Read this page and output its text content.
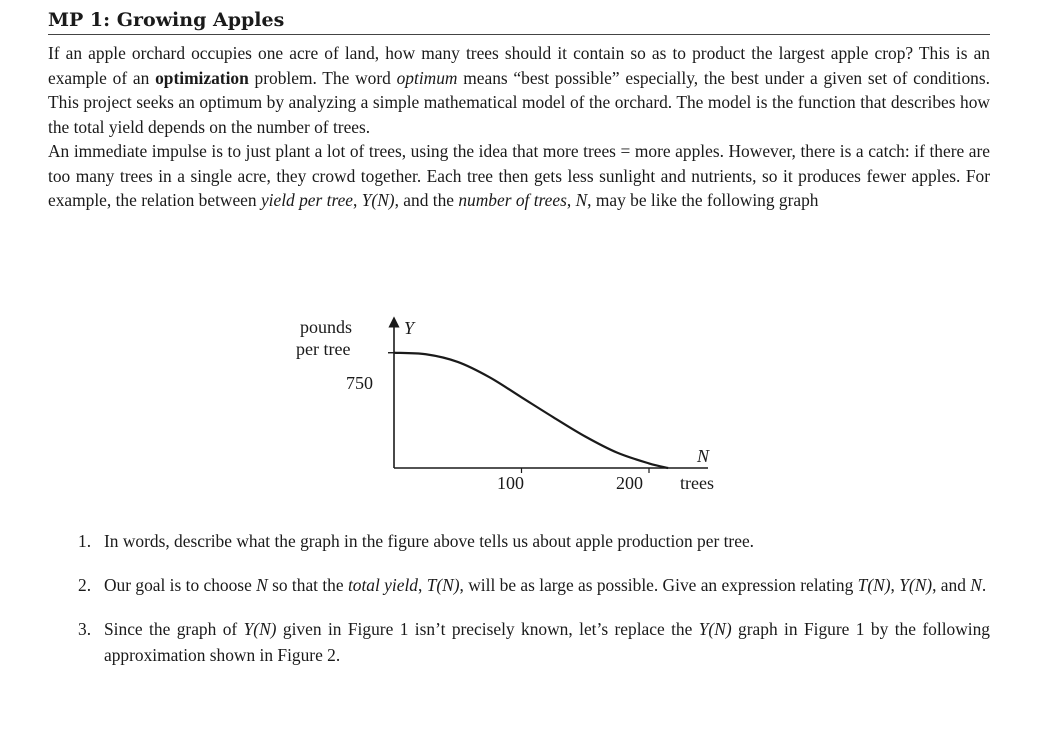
MP 1: Growing Apples

If an apple orchard occupies one acre of land, how many trees should it contain so as to product the largest apple crop? This is an example of an optimization problem. The word optimum means “best possible” especially, the best under a given set of conditions. This project seeks an optimum by analyzing a simple mathematical model of the orchard. The model is the function that describes how the total yield depends on the number of trees.

An immediate impulse is to just plant a lot of trees, using the idea that more trees = more apples. However, there is a catch: if there are too many trees in a single acre, they crowd together. Each tree then gets less sunlight and nutrients, so it produces fewer apples. For example, the relation between yield per tree, Y(N), and the number of trees, N, may be like the following graph

pounds
per tree
Y
750
N
100	200 trees
1. In words, describe what the graph in the figure above tells us about apple production per tree.
2. Our goal is to choose N so that the total yield, T(N), will be as large as possible. Give an expression relating T(N), Y(N), and N.
3. Since the graph of Y(N) given in Figure 1 isn’t precisely known, let’s replace the Y(N) graph in Figure 1 by the following approximation shown in Figure 2.
